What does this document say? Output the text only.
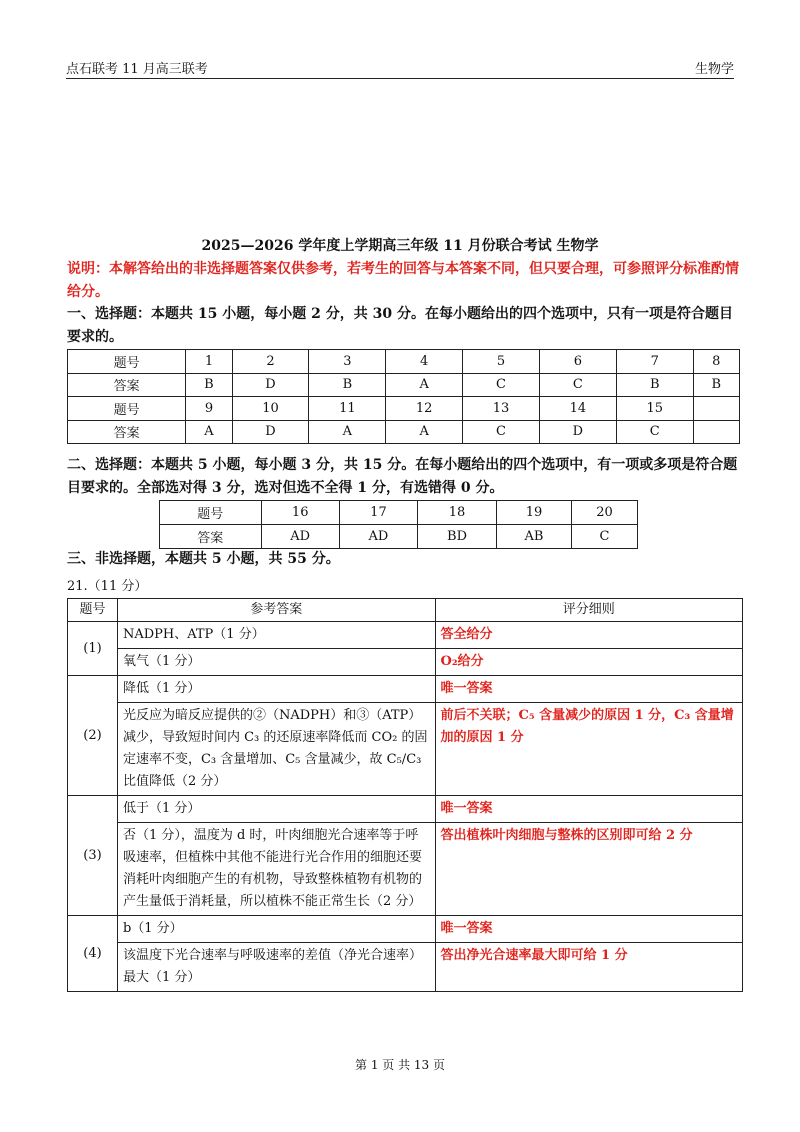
点石联考 11 月高三联考	生物学
2025—2026 学年度上学期高三年级 11 月份联合考试 生物学
说明：本解答给出的非选择题答案仅供参考，若考生的回答与本答案不同，但只要合理，可参照评分标准酌情给分。
一、选择题：本题共 15 小题，每小题 2 分，共 30 分。在每小题给出的四个选项中，只有一项是符合题目要求的。
题号	1	2	3	4	5	6	7	8
答案	B	D	B	A	C	C	B	B
题号	9	10	11	12	13	14	15	
答案	A	D	A	A	C	D	C	
二、选择题：本题共 5 小题，每小题 3 分，共 15 分。在每小题给出的四个选项中，有一项或多项是符合题目要求的。全部选对得 3 分，选对但选不全得 1 分，有选错得 0 分。
题号	16	17	18	19	20
答案	AD	AD	BD	AB	C
三、非选择题，本题共 5 小题，共 55 分。
21.（11 分）
题号	参考答案	评分细则
(1)	NADPH、ATP（1 分）	答全给分
	氧气（1 分）	O₂给分
(2)	降低（1 分）	唯一答案
	光反应为暗反应提供的②（NADPH）和③（ATP）减少，导致短时间内 C₃ 的还原速率降低而 CO₂ 的固定速率不变，C₃ 含量增加、C₅ 含量减少，故 C₅/C₃ 比值降低（2 分）	前后不关联；C₅ 含量减少的原因 1 分，C₃ 含量增加的原因 1 分
(3)	低于（1 分）	唯一答案
	否（1 分），温度为 d 时，叶肉细胞光合速率等于呼吸速率，但植株中其他不能进行光合作用的细胞还要消耗叶肉细胞产生的有机物，导致整株植物有机物的产生量低于消耗量，所以植株不能正常生长（2 分）	答出植株叶肉细胞与整株的区别即可给 2 分
(4)	b（1 分）	唯一答案
	该温度下光合速率与呼吸速率的差值（净光合速率）最大（1 分）	答出净光合速率最大即可给 1 分
第 1 页 共 13 页
